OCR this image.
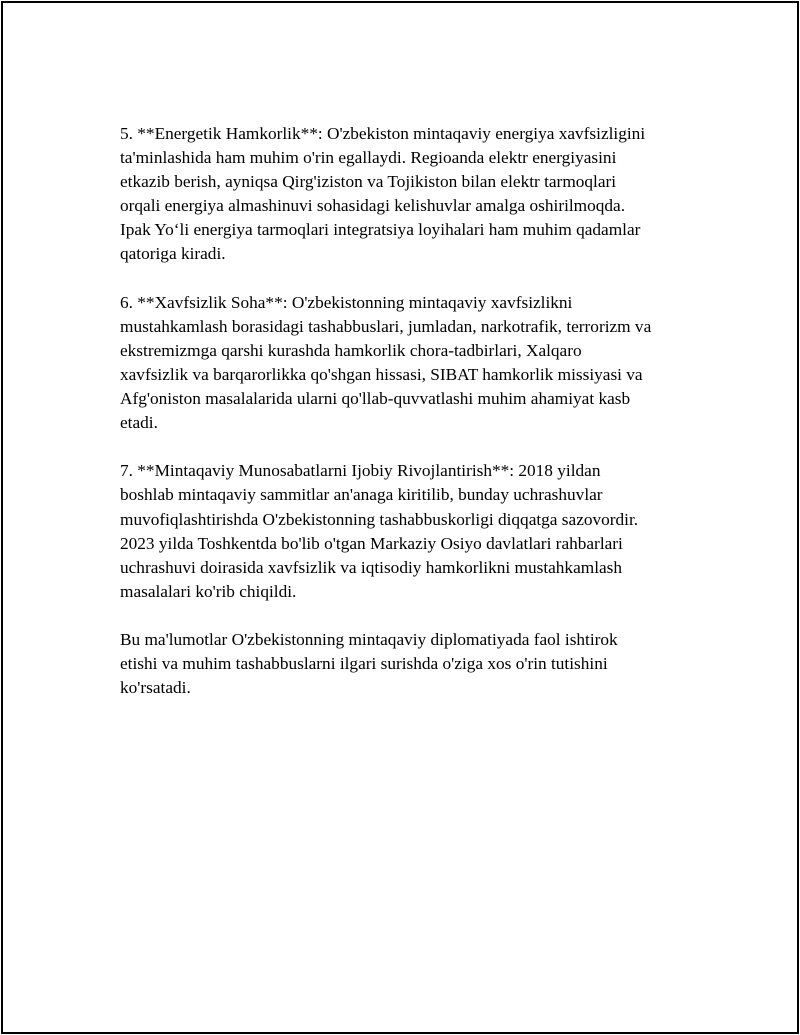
5. **Energetik Hamkorlik**: O'zbekiston mintaqaviy energiya xavfsizligini
ta'minlashida ham muhim o'rin egallaydi. Regioanda elektr energiyasini
etkazib berish, ayniqsa Qirg'iziston va Tojikiston bilan elektr tarmoqlari
orqali energiya almashinuvi sohasidagi kelishuvlar amalga oshirilmoqda.
Ipak Yo‘li energiya tarmoqlari integratsiya loyihalari ham muhim qadamlar
qatoriga kiradi.

6. **Xavfsizlik Soha**: O'zbekistonning mintaqaviy xavfsizlikni
mustahkamlash borasidagi tashabbuslari, jumladan, narkotrafik, terrorizm va
ekstremizmga qarshi kurashda hamkorlik chora-tadbirlari, Xalqaro
xavfsizlik va barqarorlikka qo'shgan hissasi, SIBAT hamkorlik missiyasi va
Afg'oniston masalalarida ularni qo'llab-quvvatlashi muhim ahamiyat kasb
etadi.

7. **Mintaqaviy Munosabatlarni Ijobiy Rivojlantirish**: 2018 yildan
boshlab mintaqaviy sammitlar an'anaga kiritilib, bunday uchrashuvlar
muvofiqlashtirishda O'zbekistonning tashabbuskorligi diqqatga sazovordir.
2023 yilda Toshkentda bo'lib o'tgan Markaziy Osiyo davlatlari rahbarlari
uchrashuvi doirasida xavfsizlik va iqtisodiy hamkorlikni mustahkamlash
masalalari ko'rib chiqildi.

Bu ma'lumotlar O'zbekistonning mintaqaviy diplomatiyada faol ishtirok
etishi va muhim tashabbuslarni ilgari surishda o'ziga xos o'rin tutishini
ko'rsatadi.
